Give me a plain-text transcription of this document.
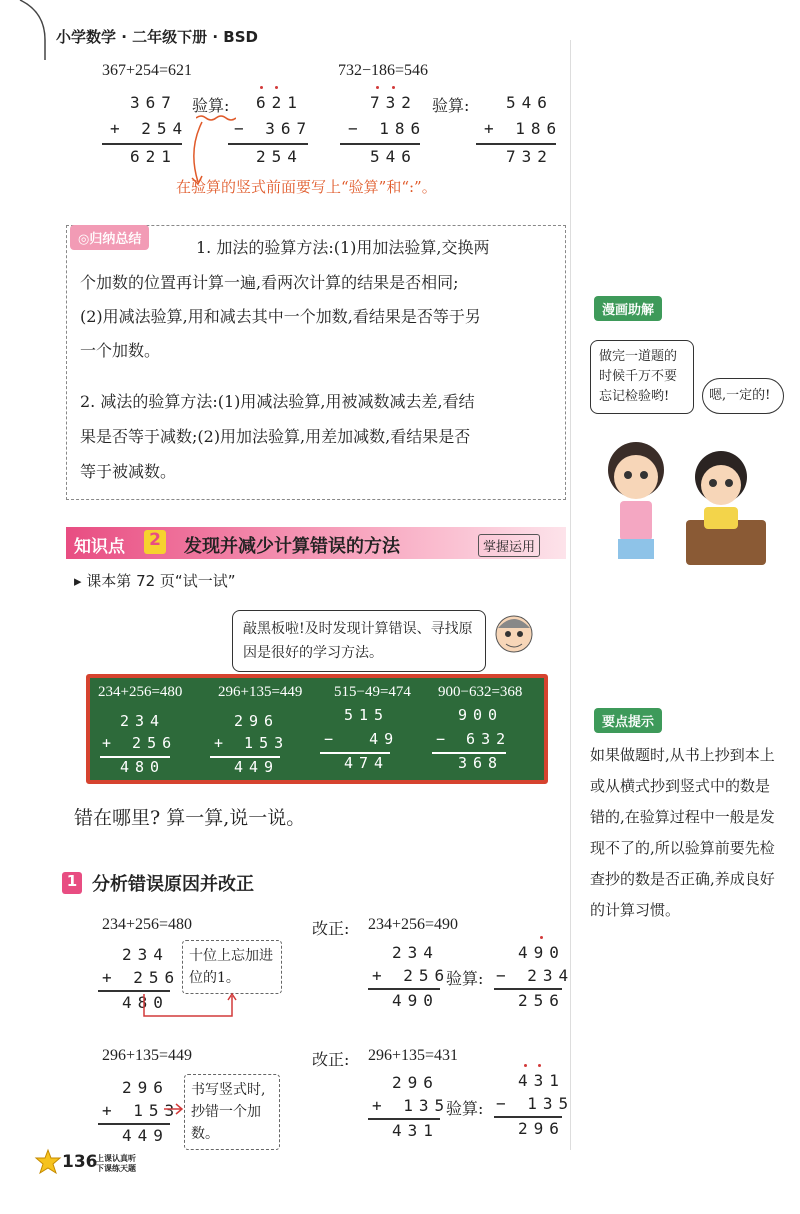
小学数学 · 二年级下册 · BSD
367+254=621	732−186=546
367
+ 254
621
验算: 621
− 367
254
732
− 186
546
验算: 546
+ 186
732
在验算的竖式前面要写上“验算”和“:”。
◎归纳总结	1. 加法的验算方法:(1)用加法验算,交换两
个加数的位置再计算一遍,看两次计算的结果是否相同;
(2)用减法验算,用和减去其中一个加数,看结果是否等于另
一个加数。
2. 减法的验算方法:(1)用减法验算,用被减数减去差,看结
果是否等于减数;(2)用加法验算,用差加减数,看结果是否
等于被减数。
漫画助解
做完一道题的时候千万不要忘记检验哟!	嗯,一定的!
要点提示
如果做题时,从书上抄到本上或从横式抄到竖式中的数是错的,在验算过程中一般是发现不了的,所以验算前要先检查抄的数是否正确,养成良好的计算习惯。
知识点 2 发现并减少计算错误的方法	掌握运用
▸ 课本第 72 页“试一试”
敲黑板啦!及时发现计算错误、寻找原因是很好的学习方法。
234+256=480 296+135=449 515−49=474 900−632=368
234
+ 256
480
296
+ 153
449
515
−  49
474
900
− 632
368
错在哪里? 算一算,说一说。
1 分析错误原因并改正
234+256=480
234
+ 256
480
十位上忘加进位的1。
改正: 234+256=490
234
+ 256
490
验算:
490
− 234
256
296+135=449
296
+ 153
449
书写竖式时,抄错一个加数。
改正: 296+135=431
296
+ 135
431
验算:
431
− 135
296
136
上课认真听
下课练天题
